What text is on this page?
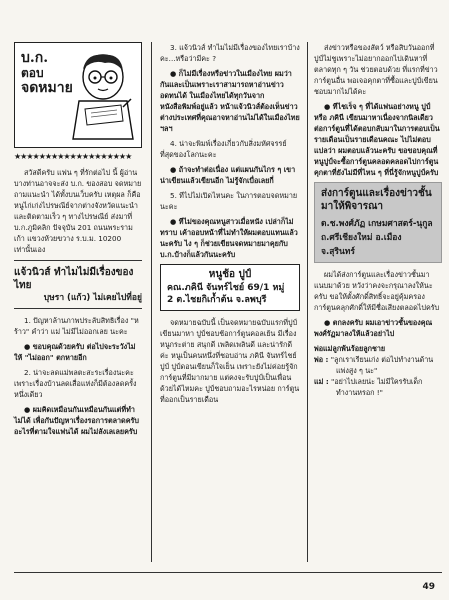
บ.ก.
ตอบ
จดหมาย
★★★★★★★★★★★★★★★★★★★

สวัสดีครับ แฟน ๆ ที่รักต่อไป นี้ ผู้อ่านบางท่านอาจจะส่ง บ.ก. ของสอบ จดหมายถามแนะนำ ได้ทั้งบนเว็บครับ เหตุผล ก็คือ หนูไก่เก่งไปรษณีย์จากต่างจังหวัดแนะนำ และติดตามเร็ว ๆ ทางไปรษณีย์ ส่งมาที่ บ.ก.ภูมิคลิก ปัจจุบัน 201 ถนนพระรามเก้า แขวงห้วยขวาง ร.บ.ม. 10200 เท่านั้นเอง

แจ้วนิวส์ ทำไมไม่มีเรื่องของไทย
บุษรา (แก้ว) ไม่เคยไปที่อยู่

1. ปัญหาล้านภาพประลับสิทธิเรื่อง "หร้าว" คำว่า แม่ ไม่มีไม่ออกเลย นะคะ

● ขอบคุณด้วยครับ ต่อไปจะระวังไม่ให้ "ไม่ออก" ตกหายอีก

2. น่าจะลดแม่พลตะสะระเรื่องนะคะ เพราะเรื่องบ้านลดเสื่อแห่งก็มีต้องลดครั้ง หนึ่งเดียว

● ผมคิดเหมือนกันเหมือนกันแต่ที่ทำไม่ได้ เพื่อกันปัญหาเรื่องรอการตลาดครับ อะไรที่ตามใจแฟนได้ ผมไม่ลังเลเลยครับ

3. แจ้วนิวส์ ทำไมไม่มีเรื่องของไทยเราบ้างคะ...หรือว่ามีคะ ?

● ก็ไม่มีเรื่องหรือข่าวในเมืองไทย ผมว่ากันและเป็นเพราะเราสามารถหาอ่านข่าวอดทนได้ ในเมืองไทยได้ทุกวันจากหนังสือพิมพ์อยู่แล้ว หน้าแจ้วนิวส์ต้องเห็นข่าวต่างประเทศที่คุณอาจหาอ่านไม่ได้ในเมืองไทย ฯลฯ

4. น่าจะพิมพ์เรื่องเกี่ยวกับสิ่งมหัศจรรย์ที่สุดของโลกนะคะ

● ถ้าจะทำต่อเนื่อง แต่แผนกันไกร ๆ เขาน่าเขียนแล้วเขียนอีก ไม่รู้จักเบื่อเลยกี่

5. ทีไปไม่เปิดไหนคะ ในการตอบจดหมายนะคะ

● ทีไม่ของคุณหนูสาวเมื่อหนัง เปล่าก็ไม่ทราบ เค้าออบหน้าที่ไม่ทำให้ผมตอบแทนแล้วนะครับ ไง ๆ ก็ช่วยเขียนจดหมายมาคุยกับ บ.ก.บ้างก็แล้วกันนะครับ

หนูช้อ ปูป์
คณ.ภคินี จันทร์ไชย์ 69/1 หมู่ 2 ต.ไชยกิเก้ำต้น จ.ลพบุรี

จดหมายฉบับนี้ เป็นจดหมายฉบับแรกที่ปูป์เขียนมาหา ปูป์ชอบช้อการ์ตูนคอลเย้น มีเรื่องหนูกระต่าย สนุกดี เพลิดเพลินดี และน่ารักดีค่ะ หนูเป็นคนหนึ่งที่ชอบอ่าน ภคินี จันทร์ไชย์ ปูป์ ปูป์ดอนเขียนก็ใจเย็น เพราะยังไม่ค่อยรู้จักการ์ตูนที่มีมากมาย แต่คงจะรับปูป์เป็นเพื่อนด้วยได้ไหมคะ ปูป์ชอบถามอะไรหน่อย การ์ตูนที่ออกเป็นรายเดือน

ส่งข่าวหรือของสัตว์ หรือสิบวันออกที่ ปูป์ไม่ชูเพราะไม่อยากออกไปเดินหาที่ตลาดทุก ๆ วัน ช่วยตอบด้วย ที่แรกที่ข่าวการ์ตูนอื่น พอเจอคุกตาที่ซื้อและปูป์เขียนชอบมากไม่ได้คะ

● ทีไชเร็จ ๆ ที่ได้แฟนอย่างหนู ปูป์ หรือ ภคินี เขียนมาหาเนื่องจากนิลเดียว ต่อการ์ตูนที่ได้ตอบกลับมาในการตอบเป็นรายเดือนเป็นรายเดือนคณะ ไปไม่ตอบแปลว่า ผมตอบแล้วนะครับ ขอขอบคุณที่หนูปูป์จะซื้อการ์ตูนคลอดคลอดไปการ์ตูนคุกตาที่ยังไม่มีที่ไหน ๆ ที่นี่รู้จักหนูปูป์ครับ

ส่งการ์ตูนและเรื่องข่าวชั้นมาให้พิจารณา
ด.ช.พงศ์ภัฏ เกษมศาสตร์-นุกูล ถ.ศรีเชียงใหม่ อ.เมือง จ.สุรินทร์

ผมได้ส่งการ์ตูนและเรื่องข่าวชั้นมาแนบมาด้วย หวังว่าคงจะกรุณาลงให้นะครับ ขอให้ตั้งศักดิ์สิทธิ์จะอยู่คุ้มครองการ์ตูนคลุกศักดิ์ให้มีชื่อเสียงตลอดไปครับ

● ตกลงครับ ผมเอาข่าวชั้นของคุณพงศ์รัฏมาลงให้แล้วอย่าไป

พ่อแม่ลูกพ้นร้อยลูกชาย
พ่อ : "ลูกเราเรียนเก่ง ต่อไปทำงานด้านแพ่งสูง ๆ นะ"
แม่ : "อย่าไปเลยน่ะ ไม่มีใครรับเด็กทำงานหรอก !"
49
